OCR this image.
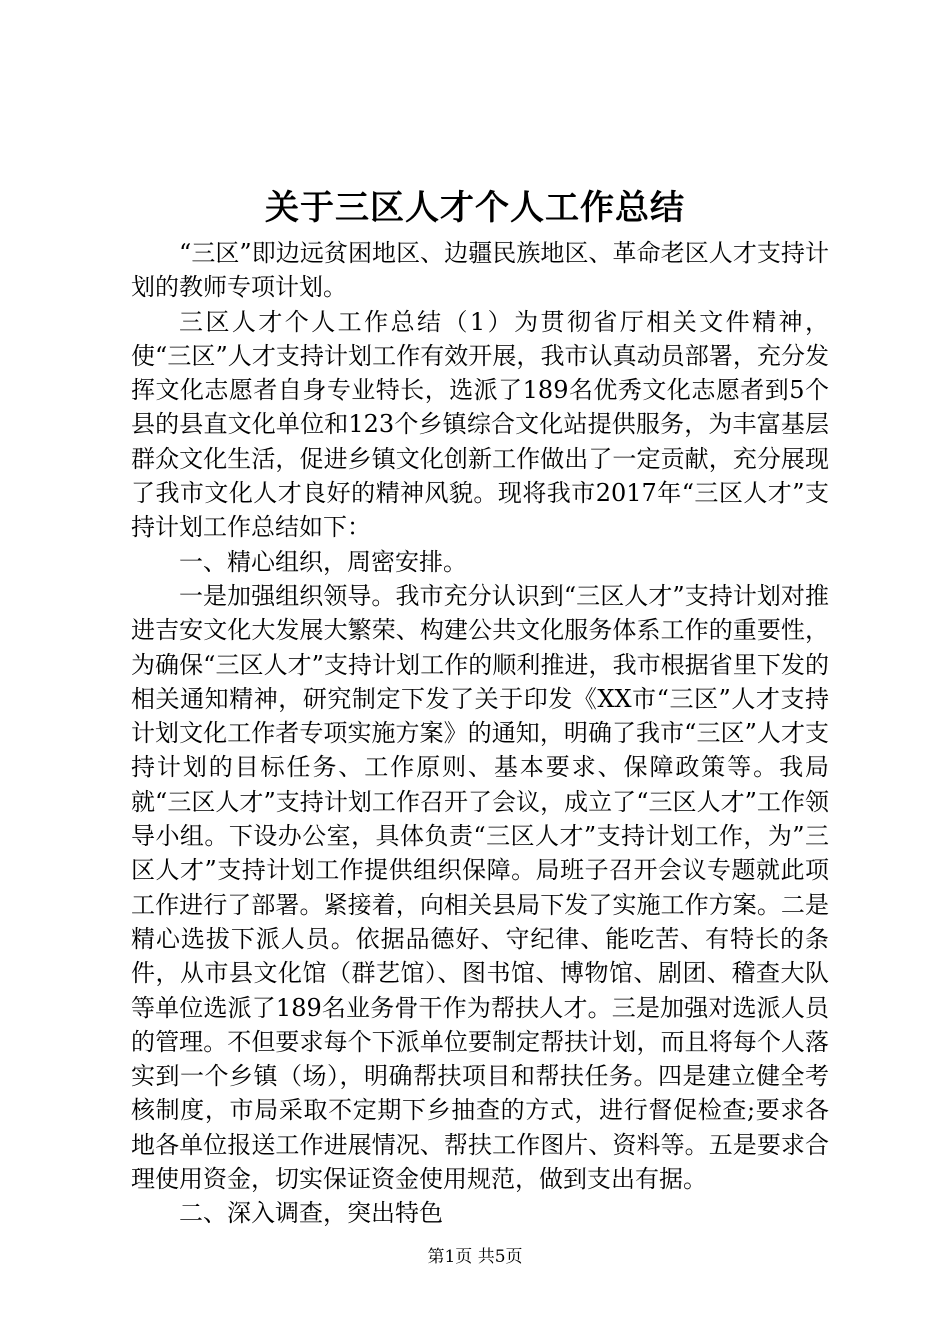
关于三区人才个人工作总结

“三区”即边远贫困地区、边疆民族地区、革命老区人才支持计划的教师专项计划。

三区人才个人工作总结（1）为贯彻省厅相关文件精神，使“三区”人才支持计划工作有效开展，我市认真动员部署，充分发挥文化志愿者自身专业特长，选派了189名优秀文化志愿者到5个县的县直文化单位和123个乡镇综合文化站提供服务，为丰富基层群众文化生活，促进乡镇文化创新工作做出了一定贡献，充分展现了我市文化人才良好的精神风貌。现将我市2017年“三区人才”支持计划工作总结如下：

一、精心组织，周密安排。

一是加强组织领导。我市充分认识到“三区人才”支持计划对推进吉安文化大发展大繁荣、构建公共文化服务体系工作的重要性，为确保“三区人才”支持计划工作的顺利推进，我市根据省里下发的相关通知精神，研究制定下发了关于印发《XX市“三区”人才支持计划文化工作者专项实施方案》的通知，明确了我市“三区”人才支持计划的目标任务、工作原则、基本要求、保障政策等。我局就“三区人才”支持计划工作召开了会议，成立了“三区人才”工作领导小组。下设办公室，具体负责“三区人才”支持计划工作，为”三区人才”支持计划工作提供组织保障。局班子召开会议专题就此项工作进行了部署。紧接着，向相关县局下发了实施工作方案。二是精心选拔下派人员。依据品德好、守纪律、能吃苦、有特长的条件，从市县文化馆（群艺馆）、图书馆、博物馆、剧团、稽查大队等单位选派了189名业务骨干作为帮扶人才。三是加强对选派人员的管理。不但要求每个下派单位要制定帮扶计划，而且将每个人落实到一个乡镇（场），明确帮扶项目和帮扶任务。四是建立健全考核制度，市局采取不定期下乡抽查的方式，进行督促检查;要求各地各单位报送工作进展情况、帮扶工作图片、资料等。五是要求合理使用资金，切实保证资金使用规范，做到支出有据。

二、深入调查，突出特色

第1页 共5页
